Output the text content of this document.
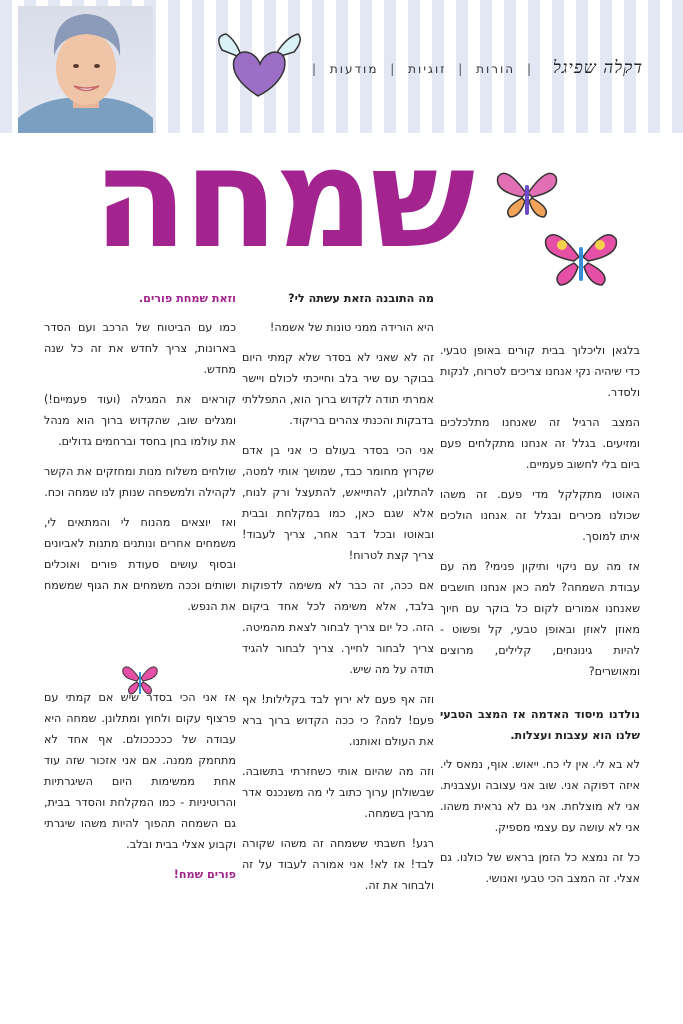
דקלה שפיגל | הורות | זוגיות | מודעות |
שמחה

בלגאן וליכלוך בבית קורים באופן טבעי. כדי שיהיה נקי אנחנו צריכים לטרוח, לנקות ולסדר.

המצב הרגיל זה שאנחנו מתלכלכים ומזיעים. בגלל זה אנחנו מתקלחים פעם ביום בלי לחשוב פעמיים.

האוטו מתקלקל מדי פעם. זה משהו שכולנו מכירים ובגלל זה אנחנו הולכים איתו למוסך.

אז מה עם ניקוי ותיקון פנימי? מה עם עבודת השמחה? למה כאן אנחנו חושבים שאנחנו אמורים לקום כל בוקר עם חיוך מאוזן לאוזן ובאופן טבעי, קל ופשוט - להיות גינונחים, קלילים, מרוצים ומאושרים?

נולדנו מיסוד האדמה אז המצב הטבעי שלנו הוא עצבות ועצלות.

לא בא לי. אין לי כח. ייאוש. אוף, נמאס לי. איזה דפוקה אני. שוב אני עצובה ועצבנית. אני לא מוצלחת. אני גם לא נראית משהו. אני לא עושה עם עצמי מספיק.

כל זה נמצא כל הזמן בראש של כולנו. גם אצלי. זה המצב הכי טבעי ואנושי.

מה התובנה הזאת עשתה לי?

היא הורידה ממני טונות של אשמה!

זה לא שאני לא בסדר שלא קמתי היום בבוקר עם שיר בלב וחייכתי לכולם ויישר אמרתי תודה לקדוש ברוך הוא, התפללתי בדבקות והכנתי צהרים בריקוד.

אני הכי בסדר בעולם כי אני בן אדם שקרוץ מחומר כבד, שמושך אותי למטה, להתלונן, להתייאש, להתעצל ורק לנוח, אלא שגם כאן, כמו במקלחת ובבית ובאוטו ובכל דבר אחר, צריך לעבוד! צריך קצת לטרוח!

אם ככה, זה כבר לא משימה לדפוקות בלבד, אלא משימה לכל אחד ביקום הזה. כל יום צריך לבחור לצאת מהמיטה. צריך לבחור לחייך. צריך לבחור להגיד תודה על מה שיש.

וזה אף פעם לא ירוץ לבד בקלילות! אף פעם! למה? כי ככה הקדוש ברוך ברא את העולם ואותנו.

וזה מה שהיום אותי כשחזרתי בתשובה. שבשולחן ערוך כתוב לי מה משנכנס אדר מרבין בשמחה.

רגע! חשבתי ששמחה זה משהו שקורה לבד! אז לא! אני אמורה לעבוד על זה ולבחור את זה.

וזאת שמחת פורים.

כמו עם הביטוח של הרכב ועם הסדר בארונות, צריך לחדש את זה כל שנה מחדש.

קוראים את המגילה (ועוד פעמיים!) ומגלים שוב, שהקדוש ברוך הוא מנהל את עולמו בחן בחסד וברחמים גדולים.

שולחים משלוח מנות ומחזקים את הקשר לקהילה ולמשפחה שנותן לנו שמחה וכח.

ואז יוצאים מהנוח לי והמתאים לי, משמחים אחרים ונותנים מתנות לאביונים ובסוף עושים סעודת פורים ואוכלים ושותים וככה משמחים את הגוף שמשמח את הנפש.

אז אני הכי בסדר שיש אם קמתי עם פרצוף עקום ולחוץ ומתלונן. שמחה היא עבודה של כככככולם. אף אחד לא מתחמק ממנה. אם אני אזכור שזה עוד אחת ממשימות היום השיגרתיות והרוטיניות - כמו המקלחת והסדר בבית, גם השמחה תהפוך להיות משהו שיגרתי וקבוע אצלי בבית ובלב.

פורים שמח!
